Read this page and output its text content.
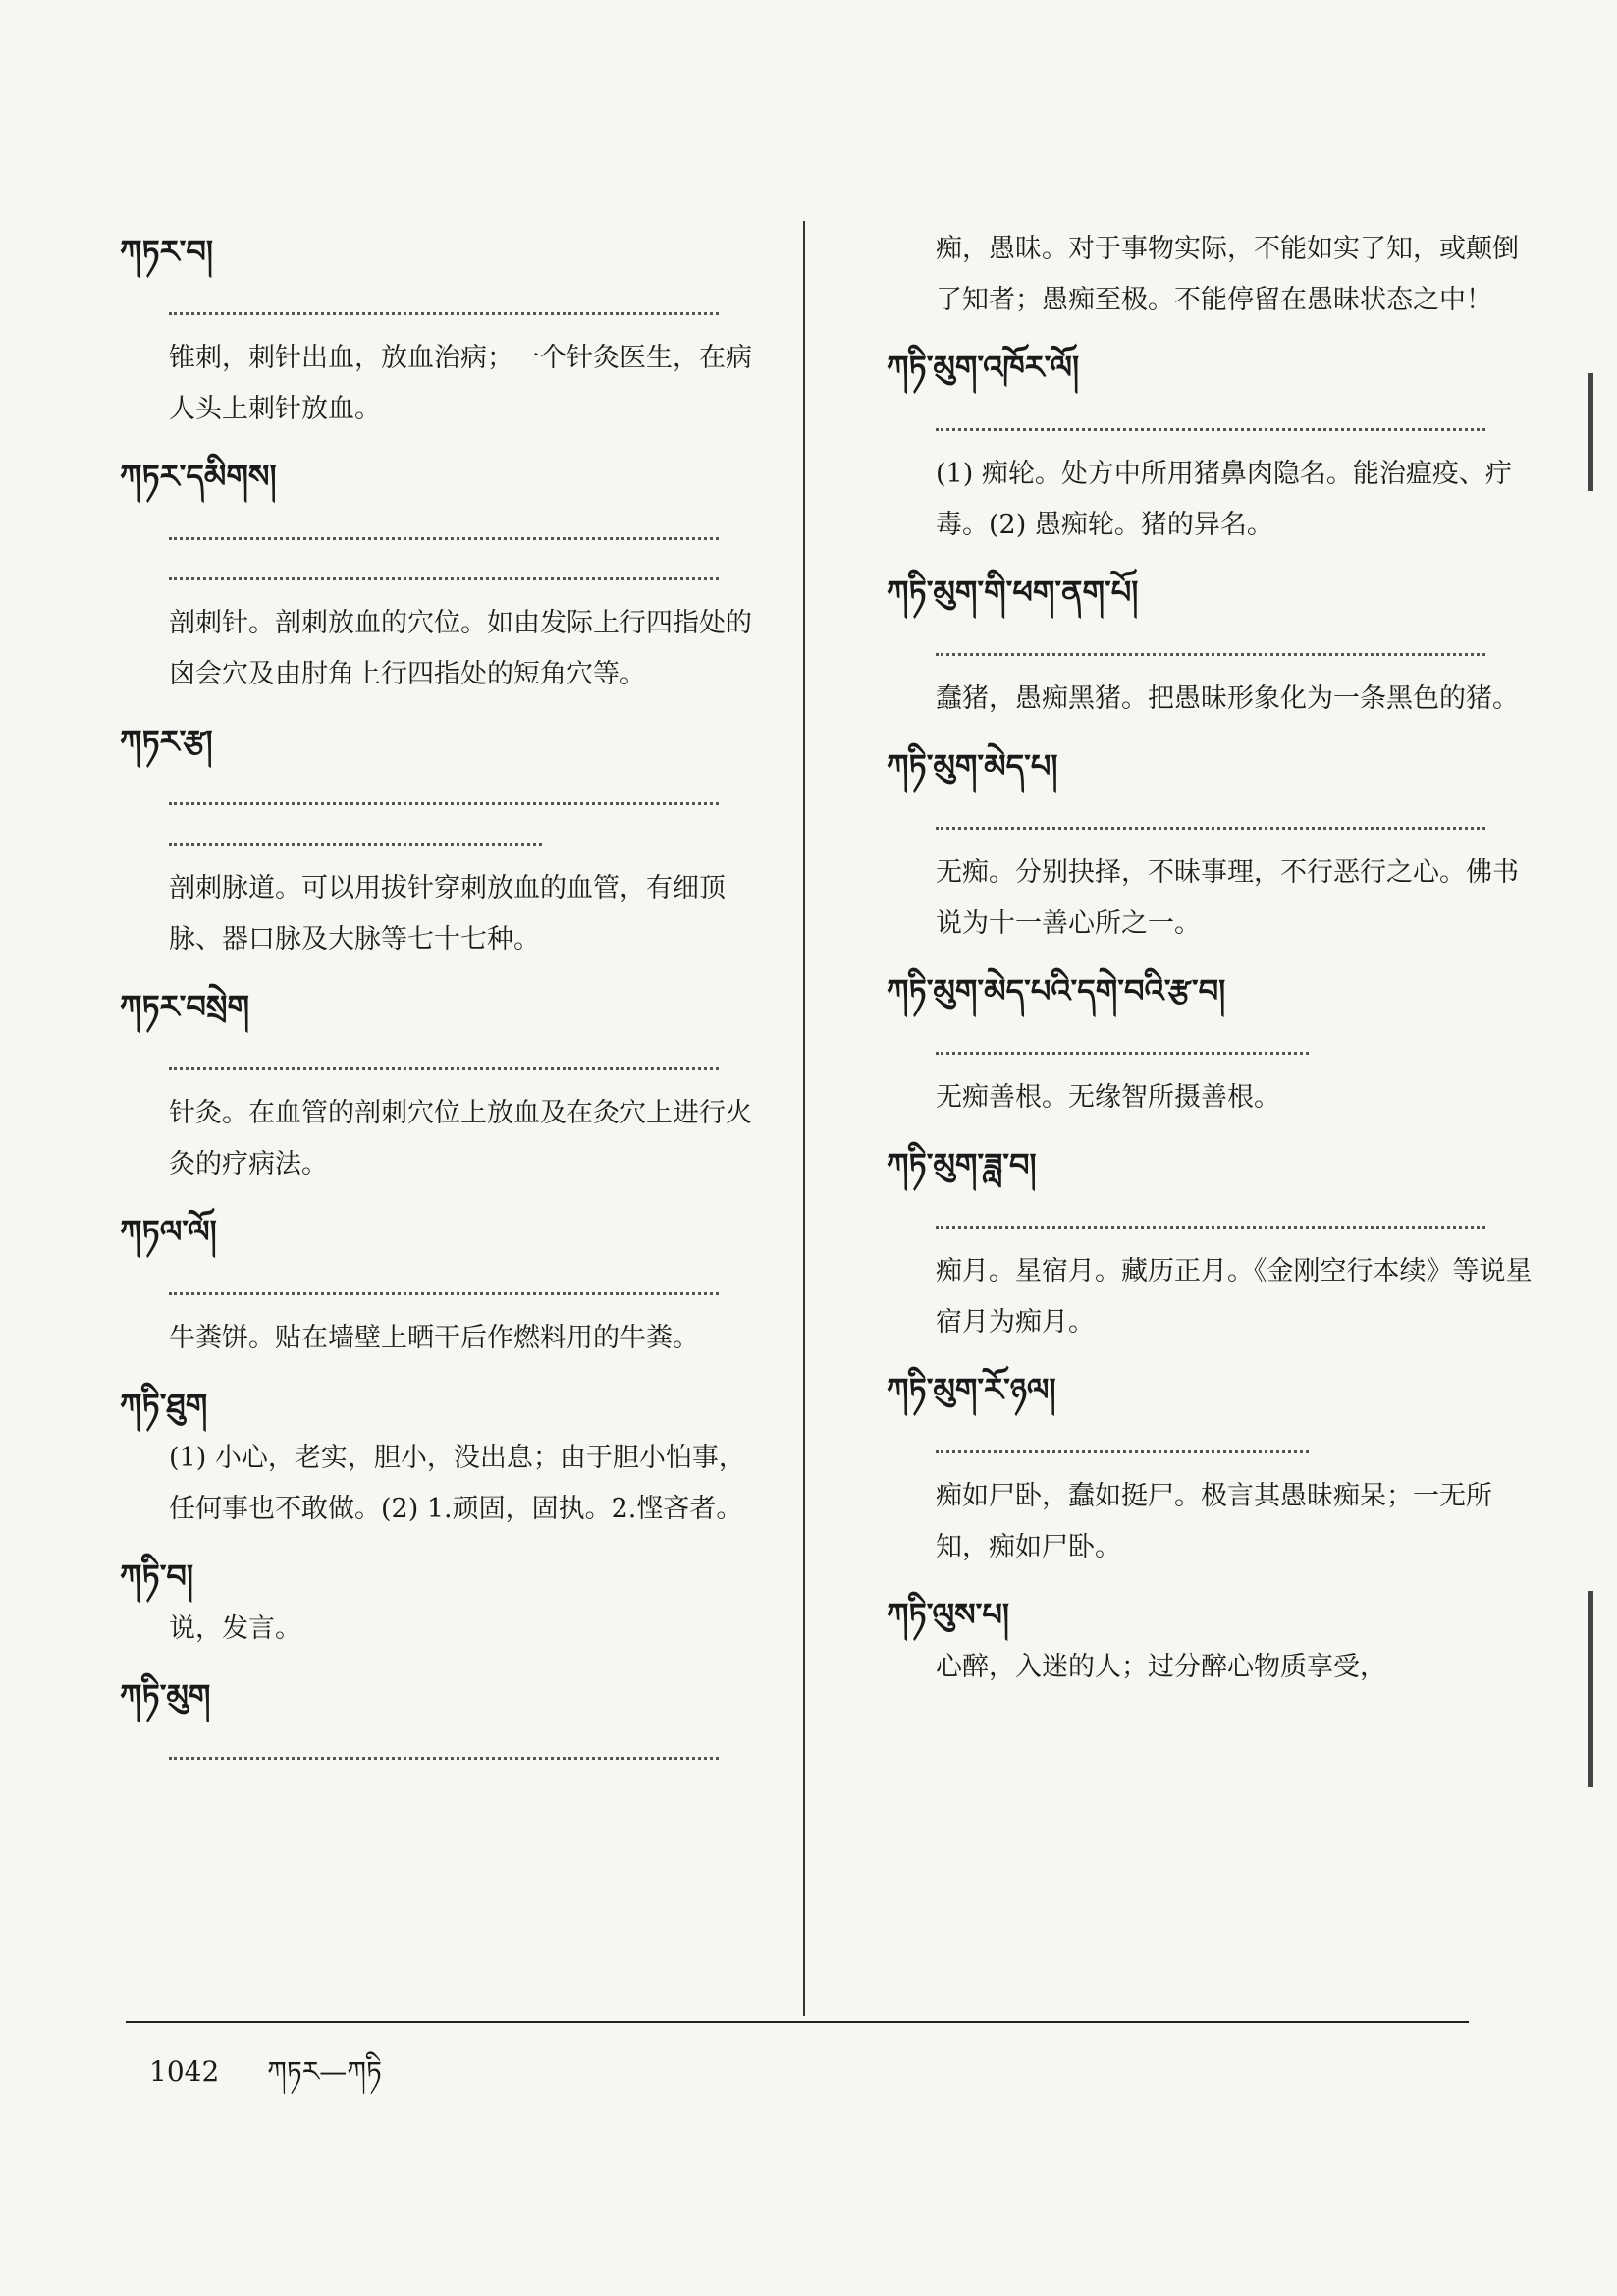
ཀཏར་བ།
锥刺，刺针出血，放血治病；一个针灸医生，在病人头上刺针放血。
ཀཏར་དམིགས།
剖刺针。剖刺放血的穴位。如由发际上行四指处的囟会穴及由肘角上行四指处的短角穴等。
ཀཏར་རྩ།
剖刺脉道。可以用拔针穿刺放血的血管，有细顶脉、器口脉及大脉等七十七种。
ཀཏར་བསྲེག
针灸。在血管的剖刺穴位上放血及在灸穴上进行火灸的疗病法。
ཀཏལ་ལོ།
牛粪饼。贴在墙壁上晒干后作燃料用的牛粪。
ཀཏི་ཐུག
(1) 小心，老实，胆小，没出息；由于胆小怕事，任何事也不敢做。(2) 1.顽固，固执。2.悭吝者。
ཀཏི་བ།
说，发言。
ཀཏི་མུག
痴，愚昧。对于事物实际，不能如实了知，或颠倒了知者；愚痴至极。不能停留在愚昧状态之中！
ཀཏི་མུག་འཁོར་ལོ།
(1) 痴轮。处方中所用猪鼻肉隐名。能治瘟疫、疔毒。(2) 愚痴轮。猪的异名。
ཀཏི་མུག་གི་ཕག་ནག་པོ།
蠢猪，愚痴黑猪。把愚昧形象化为一条黑色的猪。
ཀཏི་མུག་མེད་པ།
无痴。分别抉择，不昧事理，不行恶行之心。佛书说为十一善心所之一。
ཀཏི་མུག་མེད་པའི་དགེ་བའི་རྩ་བ།
无痴善根。无缘智所摄善根。
ཀཏི་མུག་ཟླ་བ།
痴月。星宿月。藏历正月。《金刚空行本续》等说星宿月为痴月。
ཀཏི་མུག་རོ་ཉལ།
痴如尸卧，蠢如挺尸。极言其愚昧痴呆；一无所知，痴如尸卧。
ཀཏི་ལུས་པ།
心醉，入迷的人；过分醉心物质享受，
1042 ཀཏར—ཀཏི
